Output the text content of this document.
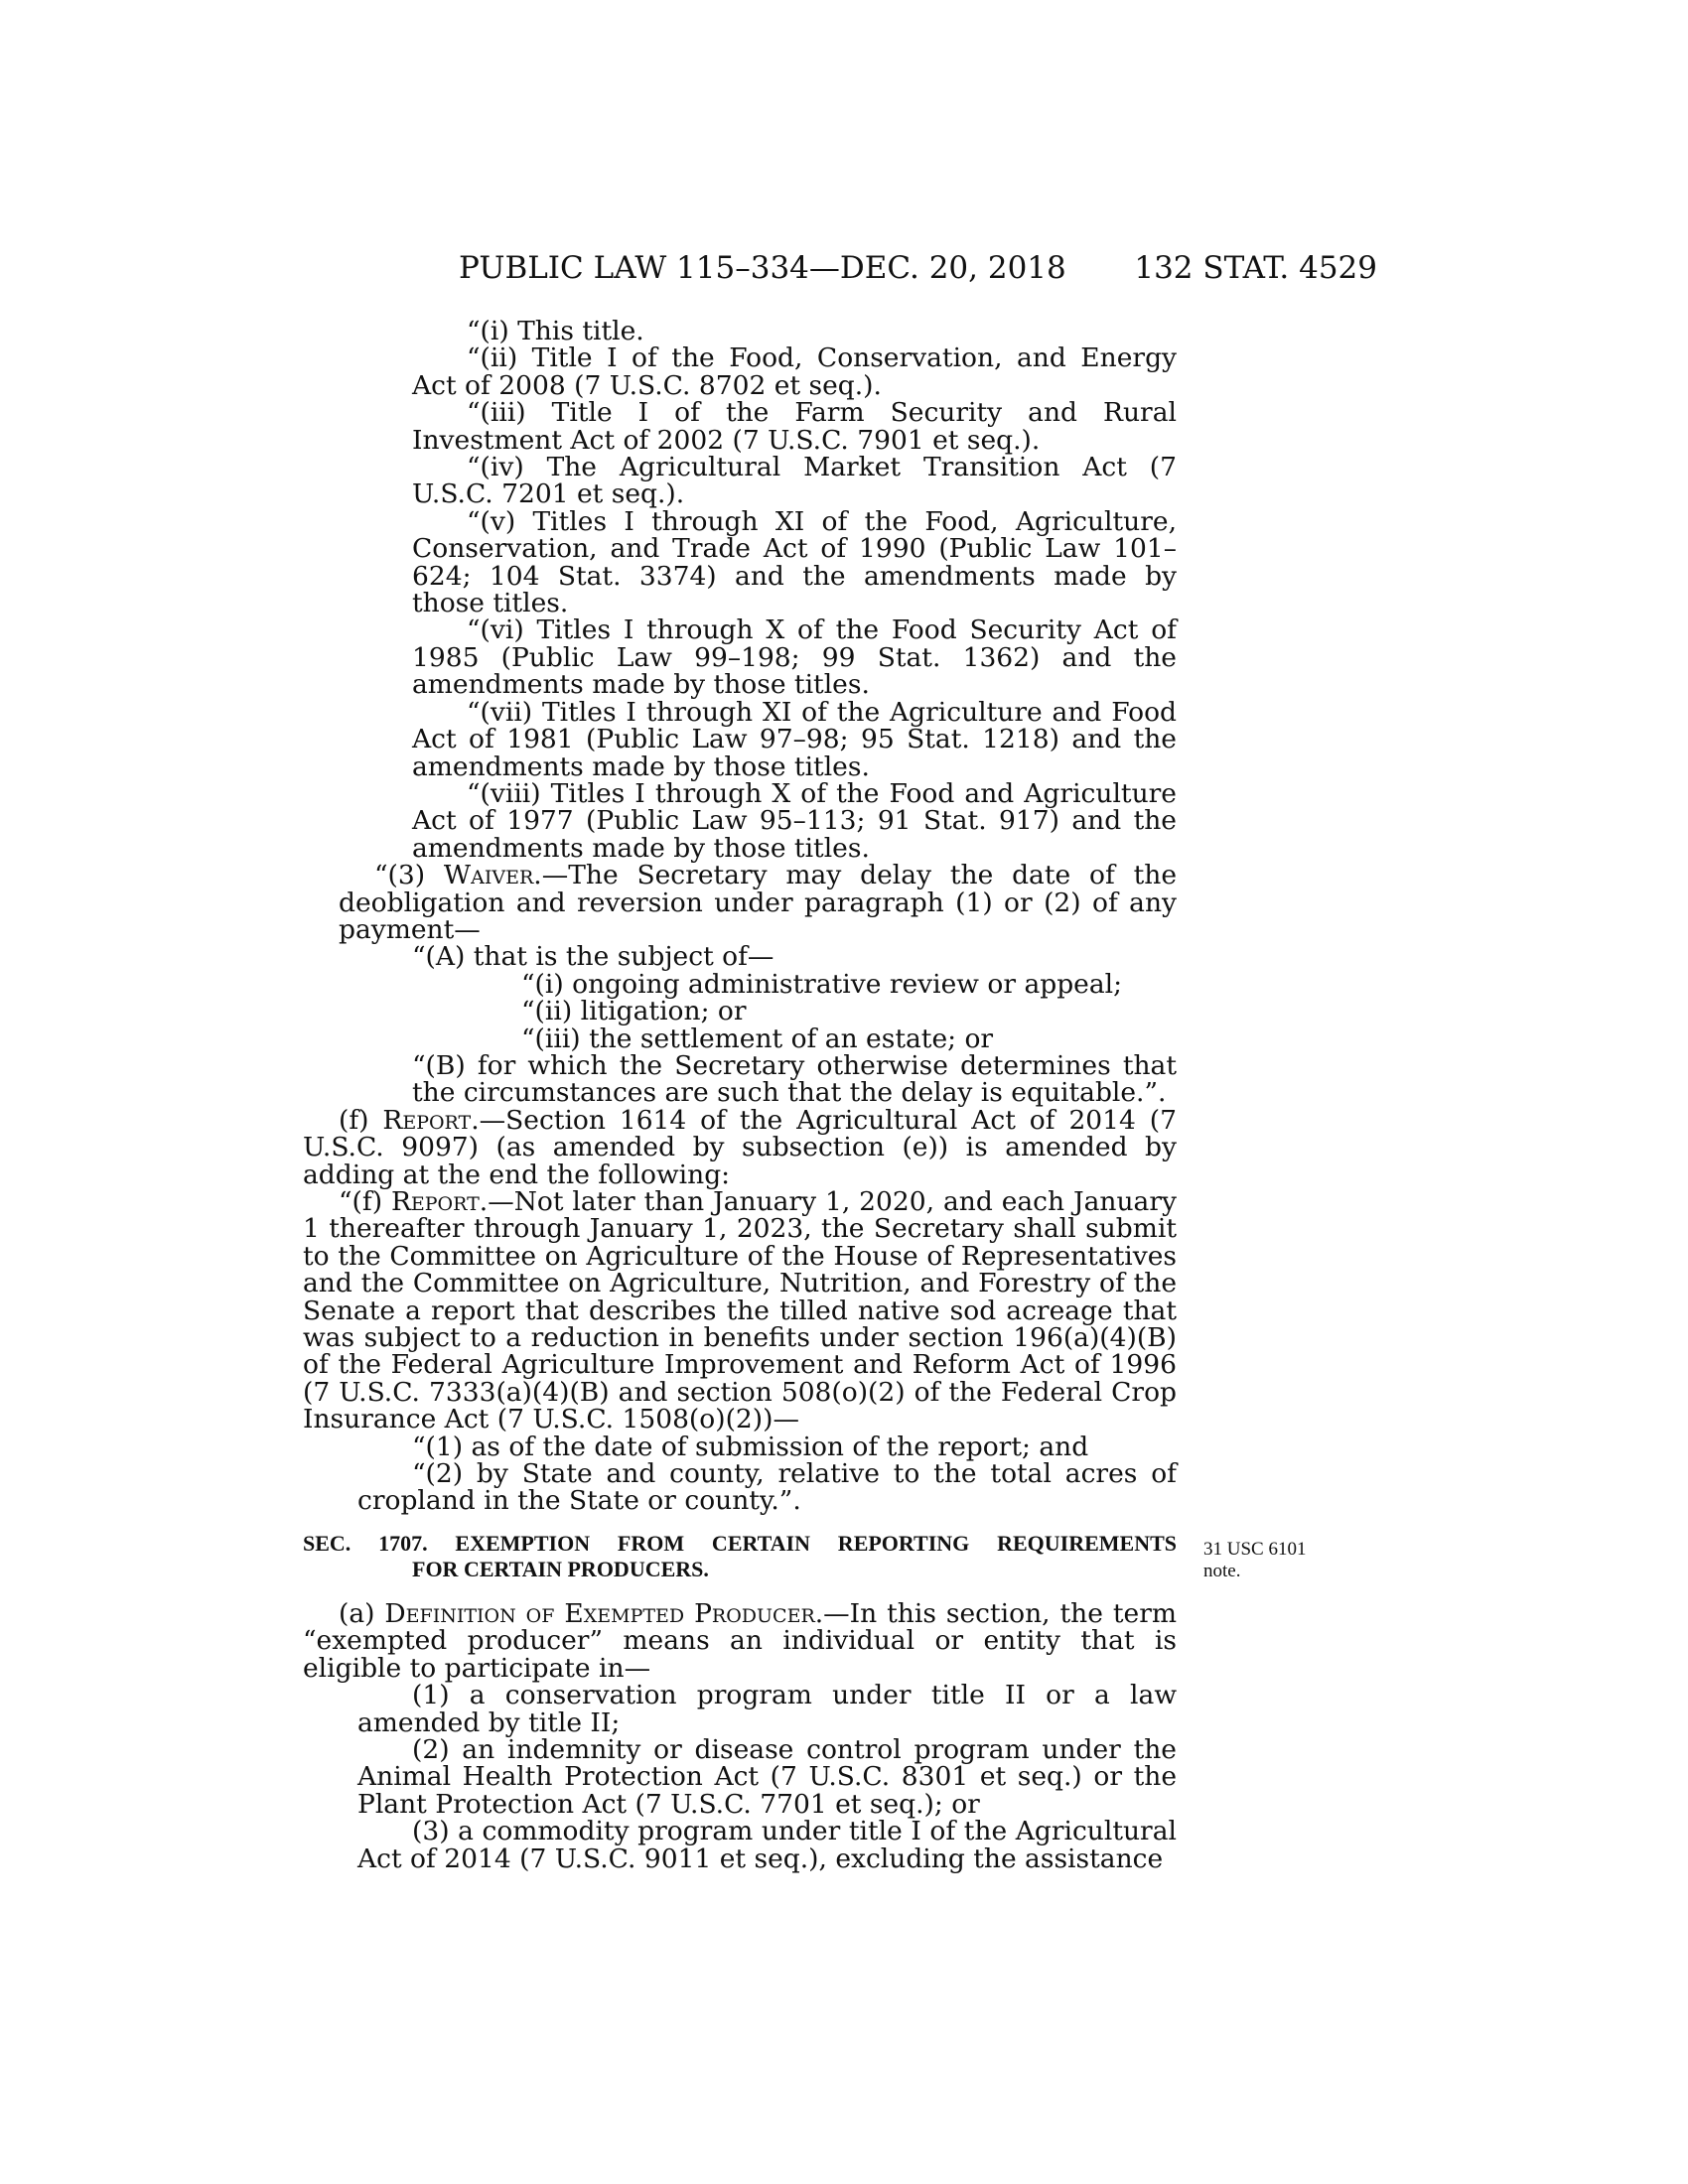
PUBLIC LAW 115–334—DEC. 20, 2018 132 STAT. 4529
31 USC 6101
note.

“(i) This title.

“(ii) Title I of the Food, Conservation, and Energy Act of 2008 (7 U.S.C. 8702 et seq.).

“(iii) Title I of the Farm Security and Rural Investment Act of 2002 (7 U.S.C. 7901 et seq.).

“(iv) The Agricultural Market Transition Act (7 U.S.C. 7201 et seq.).

“(v) Titles I through XI of the Food, Agriculture, Conservation, and Trade Act of 1990 (Public Law 101–624; 104 Stat. 3374) and the amendments made by those titles.

“(vi) Titles I through X of the Food Security Act of 1985 (Public Law 99–198; 99 Stat. 1362) and the amendments made by those titles.

“(vii) Titles I through XI of the Agriculture and Food Act of 1981 (Public Law 97–98; 95 Stat. 1218) and the amendments made by those titles.

“(viii) Titles I through X of the Food and Agriculture Act of 1977 (Public Law 95–113; 91 Stat. 917) and the amendments made by those titles.

“(3) Waiver.—The Secretary may delay the date of the deobligation and reversion under paragraph (1) or (2) of any payment—

“(A) that is the subject of—

“(i) ongoing administrative review or appeal;

“(ii) litigation; or

“(iii) the settlement of an estate; or

“(B) for which the Secretary otherwise determines that the circumstances are such that the delay is equitable.”.

(f) Report.—Section 1614 of the Agricultural Act of 2014 (7 U.S.C. 9097) (as amended by subsection (e)) is amended by adding at the end the following:

“(f) Report.—Not later than January 1, 2020, and each January 1 thereafter through January 1, 2023, the Secretary shall submit to the Committee on Agriculture of the House of Representatives and the Committee on Agriculture, Nutrition, and Forestry of the Senate a report that describes the tilled native sod acreage that was subject to a reduction in benefits under section 196(a)(4)(B) of the Federal Agriculture Improvement and Reform Act of 1996 (7 U.S.C. 7333(a)(4)(B) and section 508(o)(2) of the Federal Crop Insurance Act (7 U.S.C. 1508(o)(2))—

“(1) as of the date of submission of the report; and

“(2) by State and county, relative to the total acres of cropland in the State or county.”.

SEC. 1707. EXEMPTION FROM CERTAIN REPORTING REQUIREMENTS
FOR CERTAIN PRODUCERS.

(a) Definition of Exempted Producer.—In this section, the term “exempted producer” means an individual or entity that is eligible to participate in—

(1) a conservation program under title II or a law amended by title II;

(2) an indemnity or disease control program under the Animal Health Protection Act (7 U.S.C. 8301 et seq.) or the Plant Protection Act (7 U.S.C. 7701 et seq.); or

(3) a commodity program under title I of the Agricultural Act of 2014 (7 U.S.C. 9011 et seq.), excluding the assistance
